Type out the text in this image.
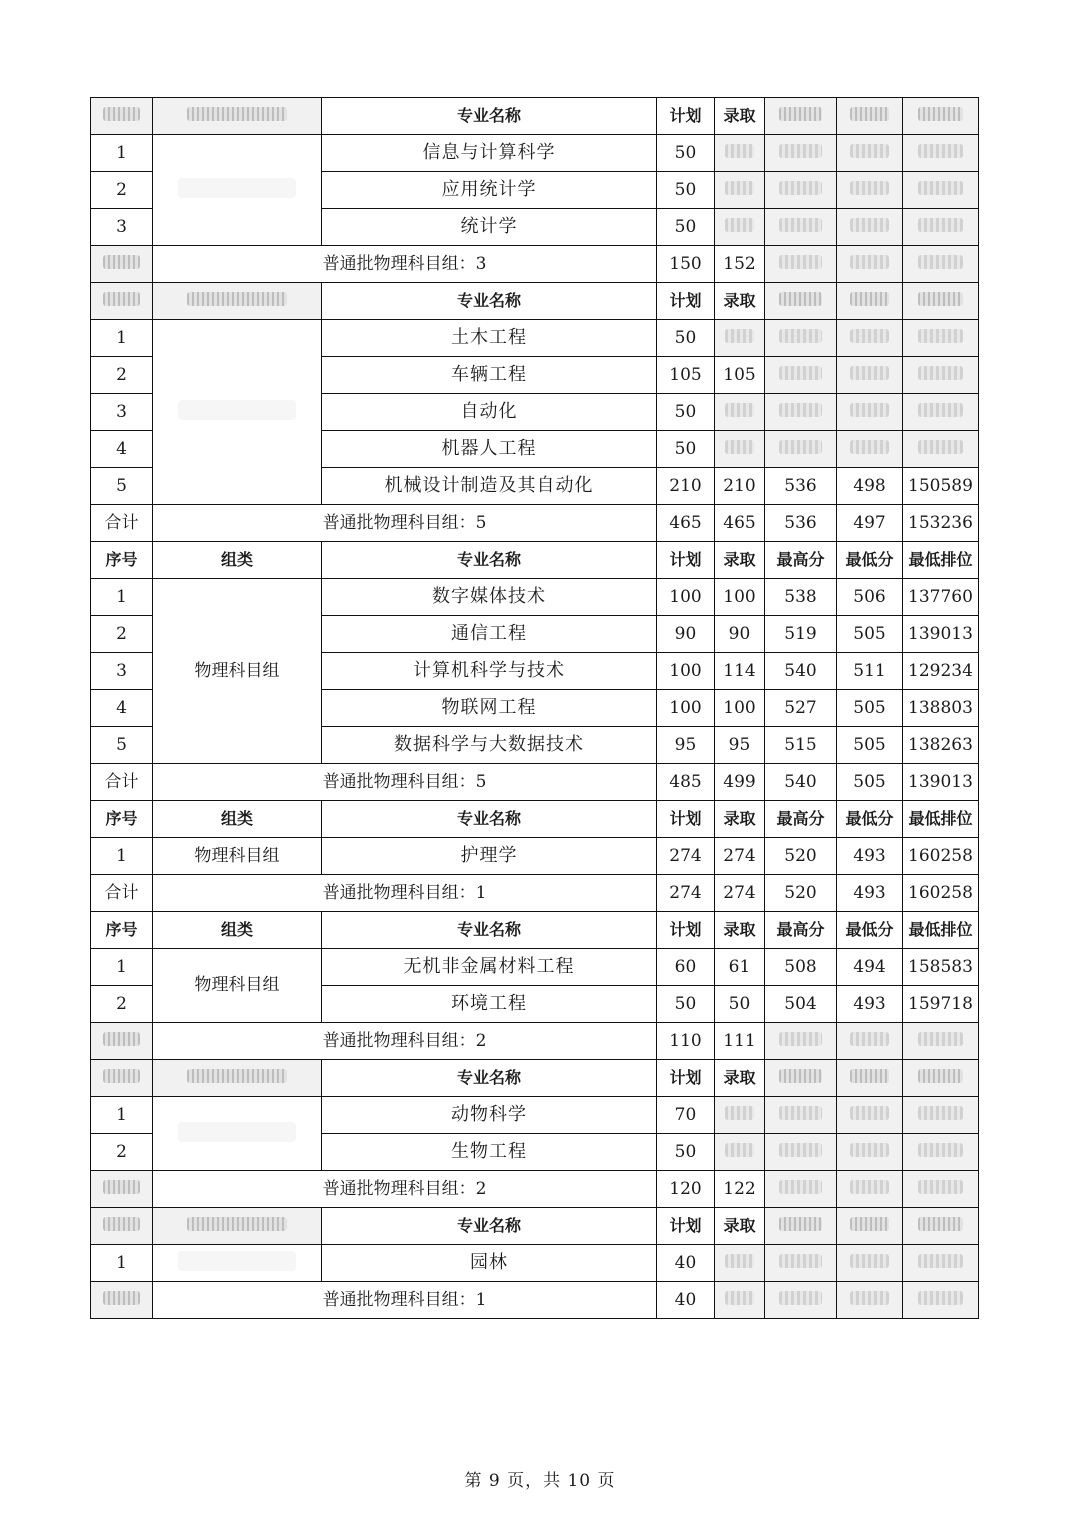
		专业名称	计划	录取			
1		信息与计算科学	50				
2		应用统计学	50				
3		统计学	50				
	普通批物理科目组：3		150	152			
		专业名称	计划	录取			
1		土木工程	50				
2		车辆工程	105	105			
3		自动化	50				
4		机器人工程	50				
5		机械设计制造及其自动化	210	210	536	498	150589
合计	普通批物理科目组：5		465	465	536	497	153236
序号	组类	专业名称	计划	录取	最高分	最低分	最低排位
1	物理科目组	数字媒体技术	100	100	538	506	137760
2		通信工程	90	90	519	505	139013
3		计算机科学与技术	100	114	540	511	129234
4		物联网工程	100	100	527	505	138803
5		数据科学与大数据技术	95	95	515	505	138263
合计	普通批物理科目组：5		485	499	540	505	139013
序号	组类	专业名称	计划	录取	最高分	最低分	最低排位
1	物理科目组	护理学	274	274	520	493	160258
合计	普通批物理科目组：1		274	274	520	493	160258
序号	组类	专业名称	计划	录取	最高分	最低分	最低排位
1	物理科目组	无机非金属材料工程	60	61	508	494	158583
2		环境工程	50	50	504	493	159718
	普通批物理科目组：2		110	111			
		专业名称	计划	录取			
1		动物科学	70				
2		生物工程	50				
	普通批物理科目组：2		120	122			
		专业名称	计划	录取			
1		园林	40				
	普通批物理科目组：1		40				
第 9 页，共 10 页
